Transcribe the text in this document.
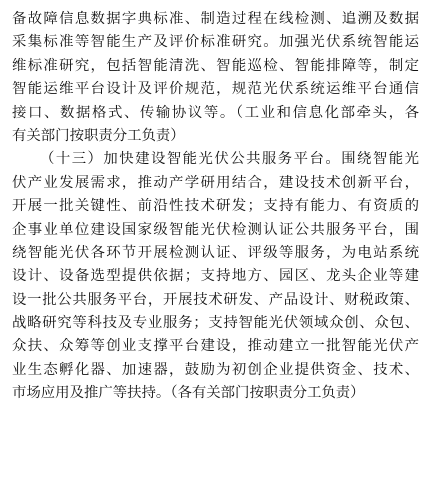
备故障信息数据字典标准、制造过程在线检测、追溯及数据
采集标准等智能生产及评价标准研究。加强光伏系统智能运
维标准研究，包括智能清洗、智能巡检、智能排障等，制定
智能运维平台设计及评价规范，规范光伏系统运维平台通信
接口、数据格式、传输协议等。（工业和信息化部牵头，各
有关部门按职责分工负责）
（十三）加快建设智能光伏公共服务平台。围绕智能光
伏产业发展需求，推动产学研用结合，建设技术创新平台，
开展一批关键性、前沿性技术研发；支持有能力、有资质的
企事业单位建设国家级智能光伏检测认证公共服务平台，围
绕智能光伏各环节开展检测认证、评级等服务，为电站系统
设计、设备选型提供依据；支持地方、园区、龙头企业等建
设一批公共服务平台，开展技术研发、产品设计、财税政策、
战略研究等科技及专业服务；支持智能光伏领域众创、众包、
众扶、众筹等创业支撑平台建设，推动建立一批智能光伏产
业生态孵化器、加速器，鼓励为初创企业提供资金、技术、
市场应用及推广等扶持。（各有关部门按职责分工负责）
